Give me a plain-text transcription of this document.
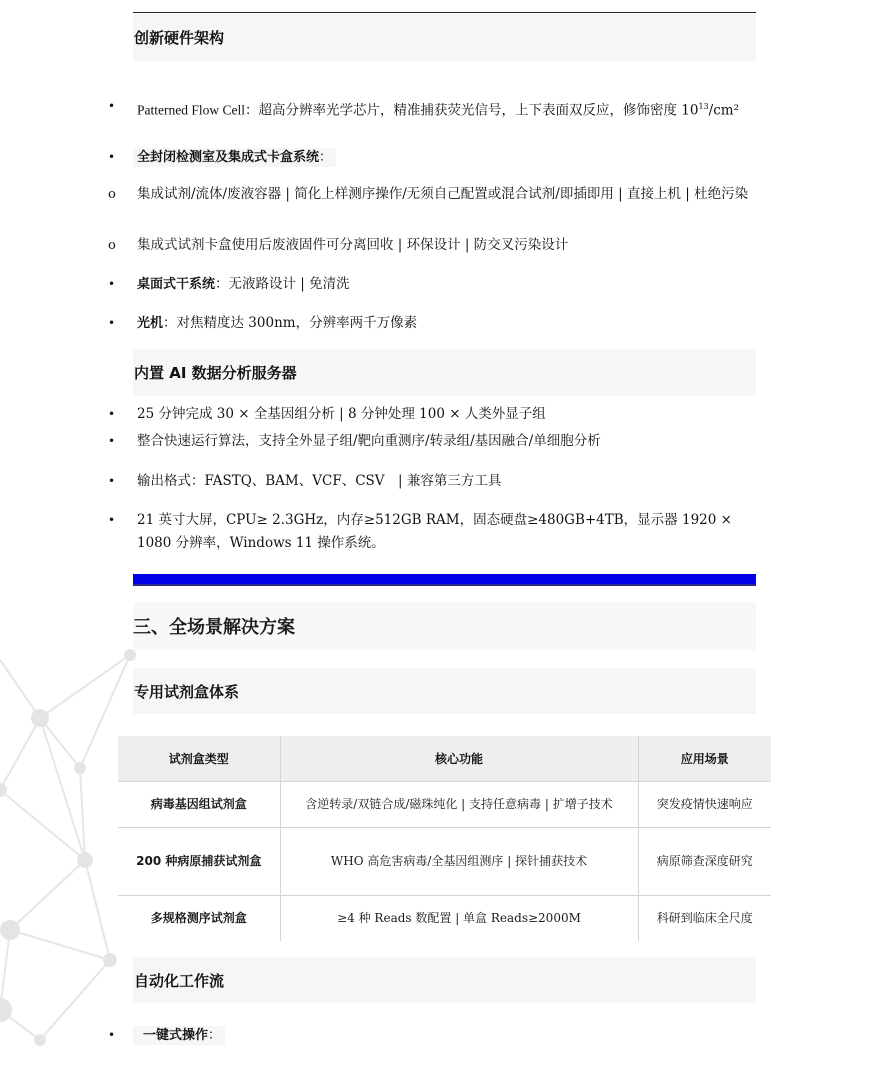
创新硬件架构
• Patterned Flow Cell：超高分辨率光学芯片，精准捕获荧光信号，上下表面双反应，修饰密度 $10^{13}$/cm²
• 全封闭检测室及集成式卡盒系统：
o 集成试剂/流体/废液容器 | 简化上样测序操作/无须自己配置或混合试剂/即插即用 | 直接上机 | 杜绝污染
o 集成式试剂卡盒使用后废液固件可分离回收 | 环保设计 | 防交叉污染设计
• 桌面式干系统：无液路设计 | 免清洗
• 光机：对焦精度达 300nm，分辨率两千万像素
内置 AI 数据分析服务器
• 25 分钟完成 30 × 全基因组分析 | 8 分钟处理 100 × 人类外显子组
• 整合快速运行算法，支持全外显子组/靶向重测序/转录组/基因融合/单细胞分析
• 输出格式：FASTQ、BAM、VCF、CSV　| 兼容第三方工具
• 21 英寸大屏，CPU≥ 2.3GHz，内存≥512GB RAM，固态硬盘≥480GB+4TB，显示器 1920 × 1080 分辨率，Windows 11 操作系统。
三、全场景解决方案
专用试剂盒体系
试剂盒类型	核心功能	应用场景
病毒基因组试剂盒	含逆转录/双链合成/磁珠纯化 | 支持任意病毒 | 扩增子技术	突发疫情快速响应
200 种病原捕获试剂盒	WHO 高危害病毒/全基因组测序 | 探针捕获技术	病原筛查深度研究
多规格测序试剂盒	≥4 种 Reads 数配置 | 单盒 Reads≥2000M	科研到临床全尺度
自动化工作流
•	一键式操作：
